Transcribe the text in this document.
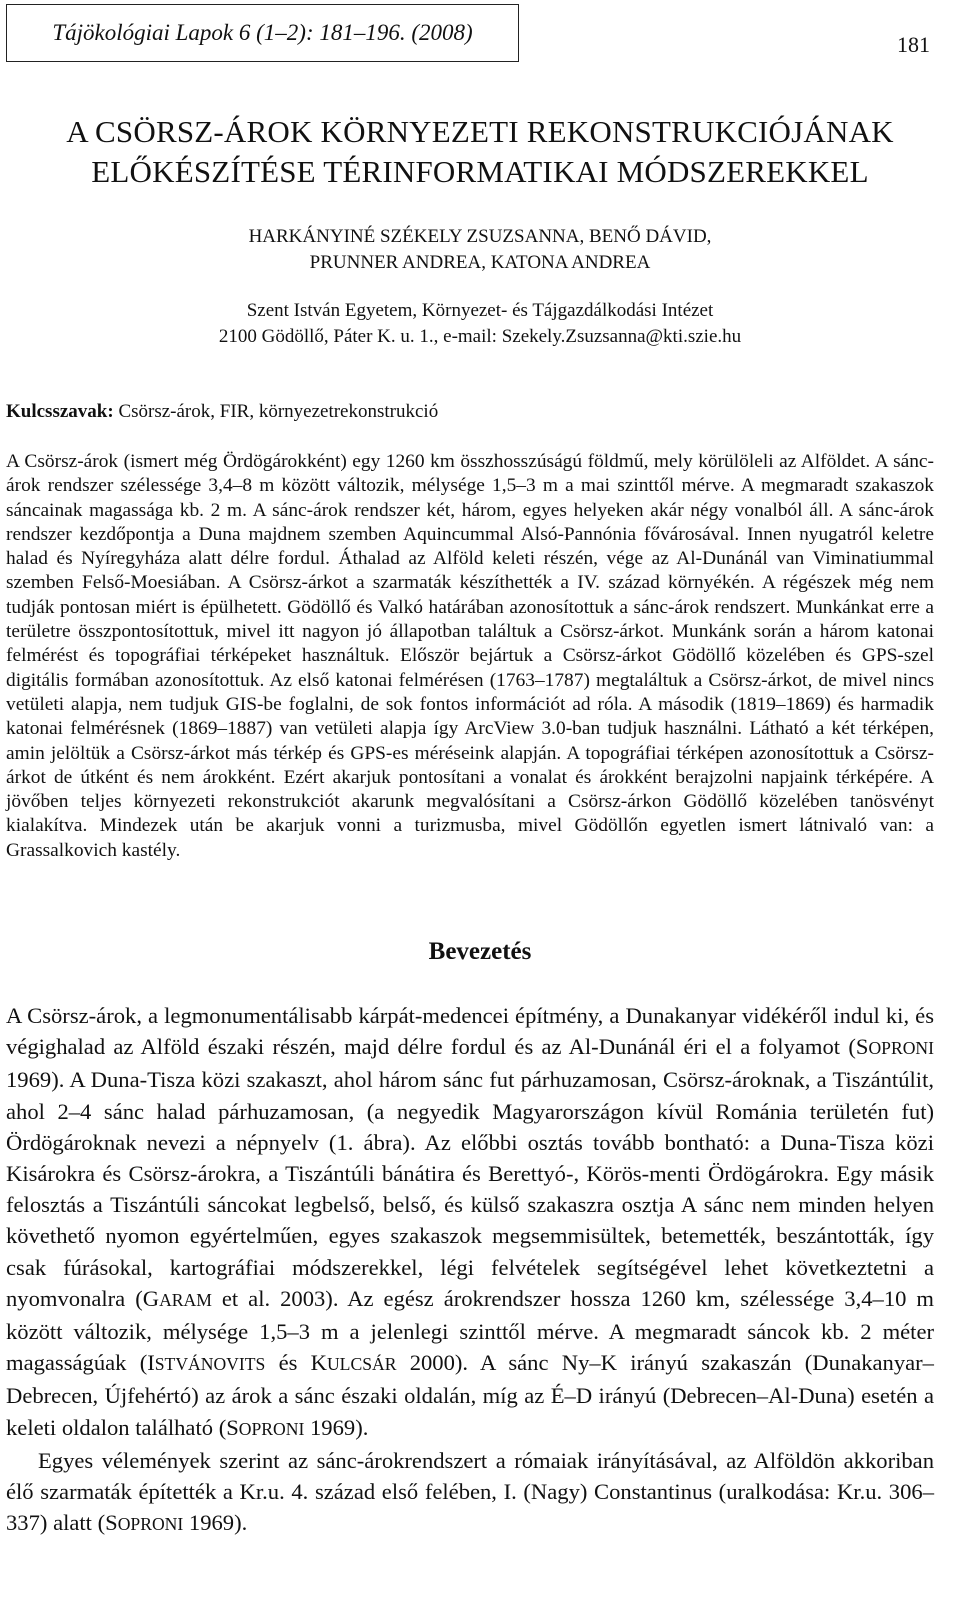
Tájökológiai Lapok 6 (1–2): 181–196. (2008)	181
A CSÖRSZ-ÁROK KÖRNYEZETI REKONSTRUKCIÓJÁNAK
ELŐKÉSZÍTÉSE TÉRINFORMATIKAI MÓDSZEREKKEL
HARKÁNYINÉ SZÉKELY ZSUZSANNA, BENŐ DÁVID,
PRUNNER ANDREA, KATONA ANDREA
Szent István Egyetem, Környezet- és Tájgazdálkodási Intézet
2100 Gödöllő, Páter K. u. 1., e-mail: Szekely.Zsuzsanna@kti.szie.hu
Kulcsszavak: Csörsz-árok, FIR, környezetrekonstrukció
A Csörsz-árok (ismert még Ördögárokként) egy 1260 km összhosszúságú földmű, mely körülöleli az Alföldet. A sánc-árok rendszer szélessége 3,4–8 m között változik, mélysége 1,5–3 m a mai szinttől mérve. A megmaradt szakaszok sáncainak magassága kb. 2 m. A sánc-árok rendszer két, három, egyes helyeken akár négy vonalból áll. A sánc-árok rendszer kezdőpontja a Duna majdnem szemben Aquincummal Alsó-Pannónia fővárosával. Innen nyugatról keletre halad és Nyíregyháza alatt délre fordul. Áthalad az Alföld keleti részén, vége az Al-Dunánál van Viminatiummal szemben Felső-Moesiában. A Csörsz-árkot a szarmaták készíthették a IV. század környékén. A régészek még nem tudják pontosan miért is épülhetett. Gödöllő és Valkó határában azonosítottuk a sánc-árok rendszert. Munkánkat erre a területre összpontosítottuk, mivel itt nagyon jó állapotban találtuk a Csörsz-árkot. Munkánk során a három katonai felmérést és topográfiai térképeket használtuk. Először bejártuk a Csörsz-árkot Gödöllő közelében és GPS-szel digitális formában azonosítottuk. Az első katonai felmérésen (1763–1787) megtaláltuk a Csörsz-árkot, de mivel nincs vetületi alapja, nem tudjuk GIS-be foglalni, de sok fontos információt ad róla. A második (1819–1869) és harmadik katonai felmérésnek (1869–1887) van vetületi alapja így ArcView 3.0-ban tudjuk használni. Látható a két térképen, amin jelöltük a Csörsz-árkot más térkép és GPS-es méréseink alapján. A topográfiai térképen azonosítottuk a Csörsz-árkot de útként és nem árokként. Ezért akarjuk pontosítani a vonalat és árokként berajzolni napjaink térképére. A jövőben teljes környezeti rekonstrukciót akarunk megvalósítani a Csörsz-árkon Gödöllő közelében tanösvényt kialakítva. Mindezek után be akarjuk vonni a turizmusba, mivel Gödöllőn egyetlen ismert látnivaló van: a Grassalkovich kastély.
Bevezetés

A Csörsz-árok, a legmonumentálisabb kárpát-medencei építmény, a Dunakanyar vidékéről indul ki, és végighalad az Alföld északi részén, majd délre fordul és az Al-Dunánál éri el a folyamot (SOPRONI 1969). A Duna-Tisza közi szakaszt, ahol három sánc fut párhuzamosan, Csörsz-ároknak, a Tiszántúlit, ahol 2–4 sánc halad párhuzamosan, (a negyedik Magyarországon kívül Románia területén fut) Ördögároknak nevezi a népnyelv (1. ábra). Az előbbi osztás tovább bontható: a Duna-Tisza közi Kisárokra és Csörsz-árokra, a Tiszántúli bánátira és Berettyó-, Körös-menti Ördögárokra. Egy másik felosztás a Tiszántúli sáncokat legbelső, belső, és külső szakaszra osztja A sánc nem minden helyen követhető nyomon egyértelműen, egyes szakaszok megsemmisültek, betemették, beszántották, így csak fúrásokal, kartográfiai módszerekkel, légi felvételek segítségével lehet következtetni a nyomvonalra (GARAM et al. 2003). Az egész árokrendszer hossza 1260 km, szélessége 3,4–10 m között változik, mélysége 1,5–3 m a jelenlegi szinttől mérve. A megmaradt sáncok kb. 2 méter magasságúak (ISTVÁNOVITS és KULCSÁR 2000). A sánc Ny–K irányú szakaszán (Dunakanyar–Debrecen, Újfehértó) az árok a sánc északi oldalán, míg az É–D irányú (Debrecen–Al-Duna) esetén a keleti oldalon található (SOPRONI 1969).

Egyes vélemények szerint az sánc-árokrendszert a rómaiak irányításával, az Alföldön akkoriban élő szarmaták építették a Kr.u. 4. század első felében, I. (Nagy) Constantinus (uralkodása: Kr.u. 306–337) alatt (SOPRONI 1969).
